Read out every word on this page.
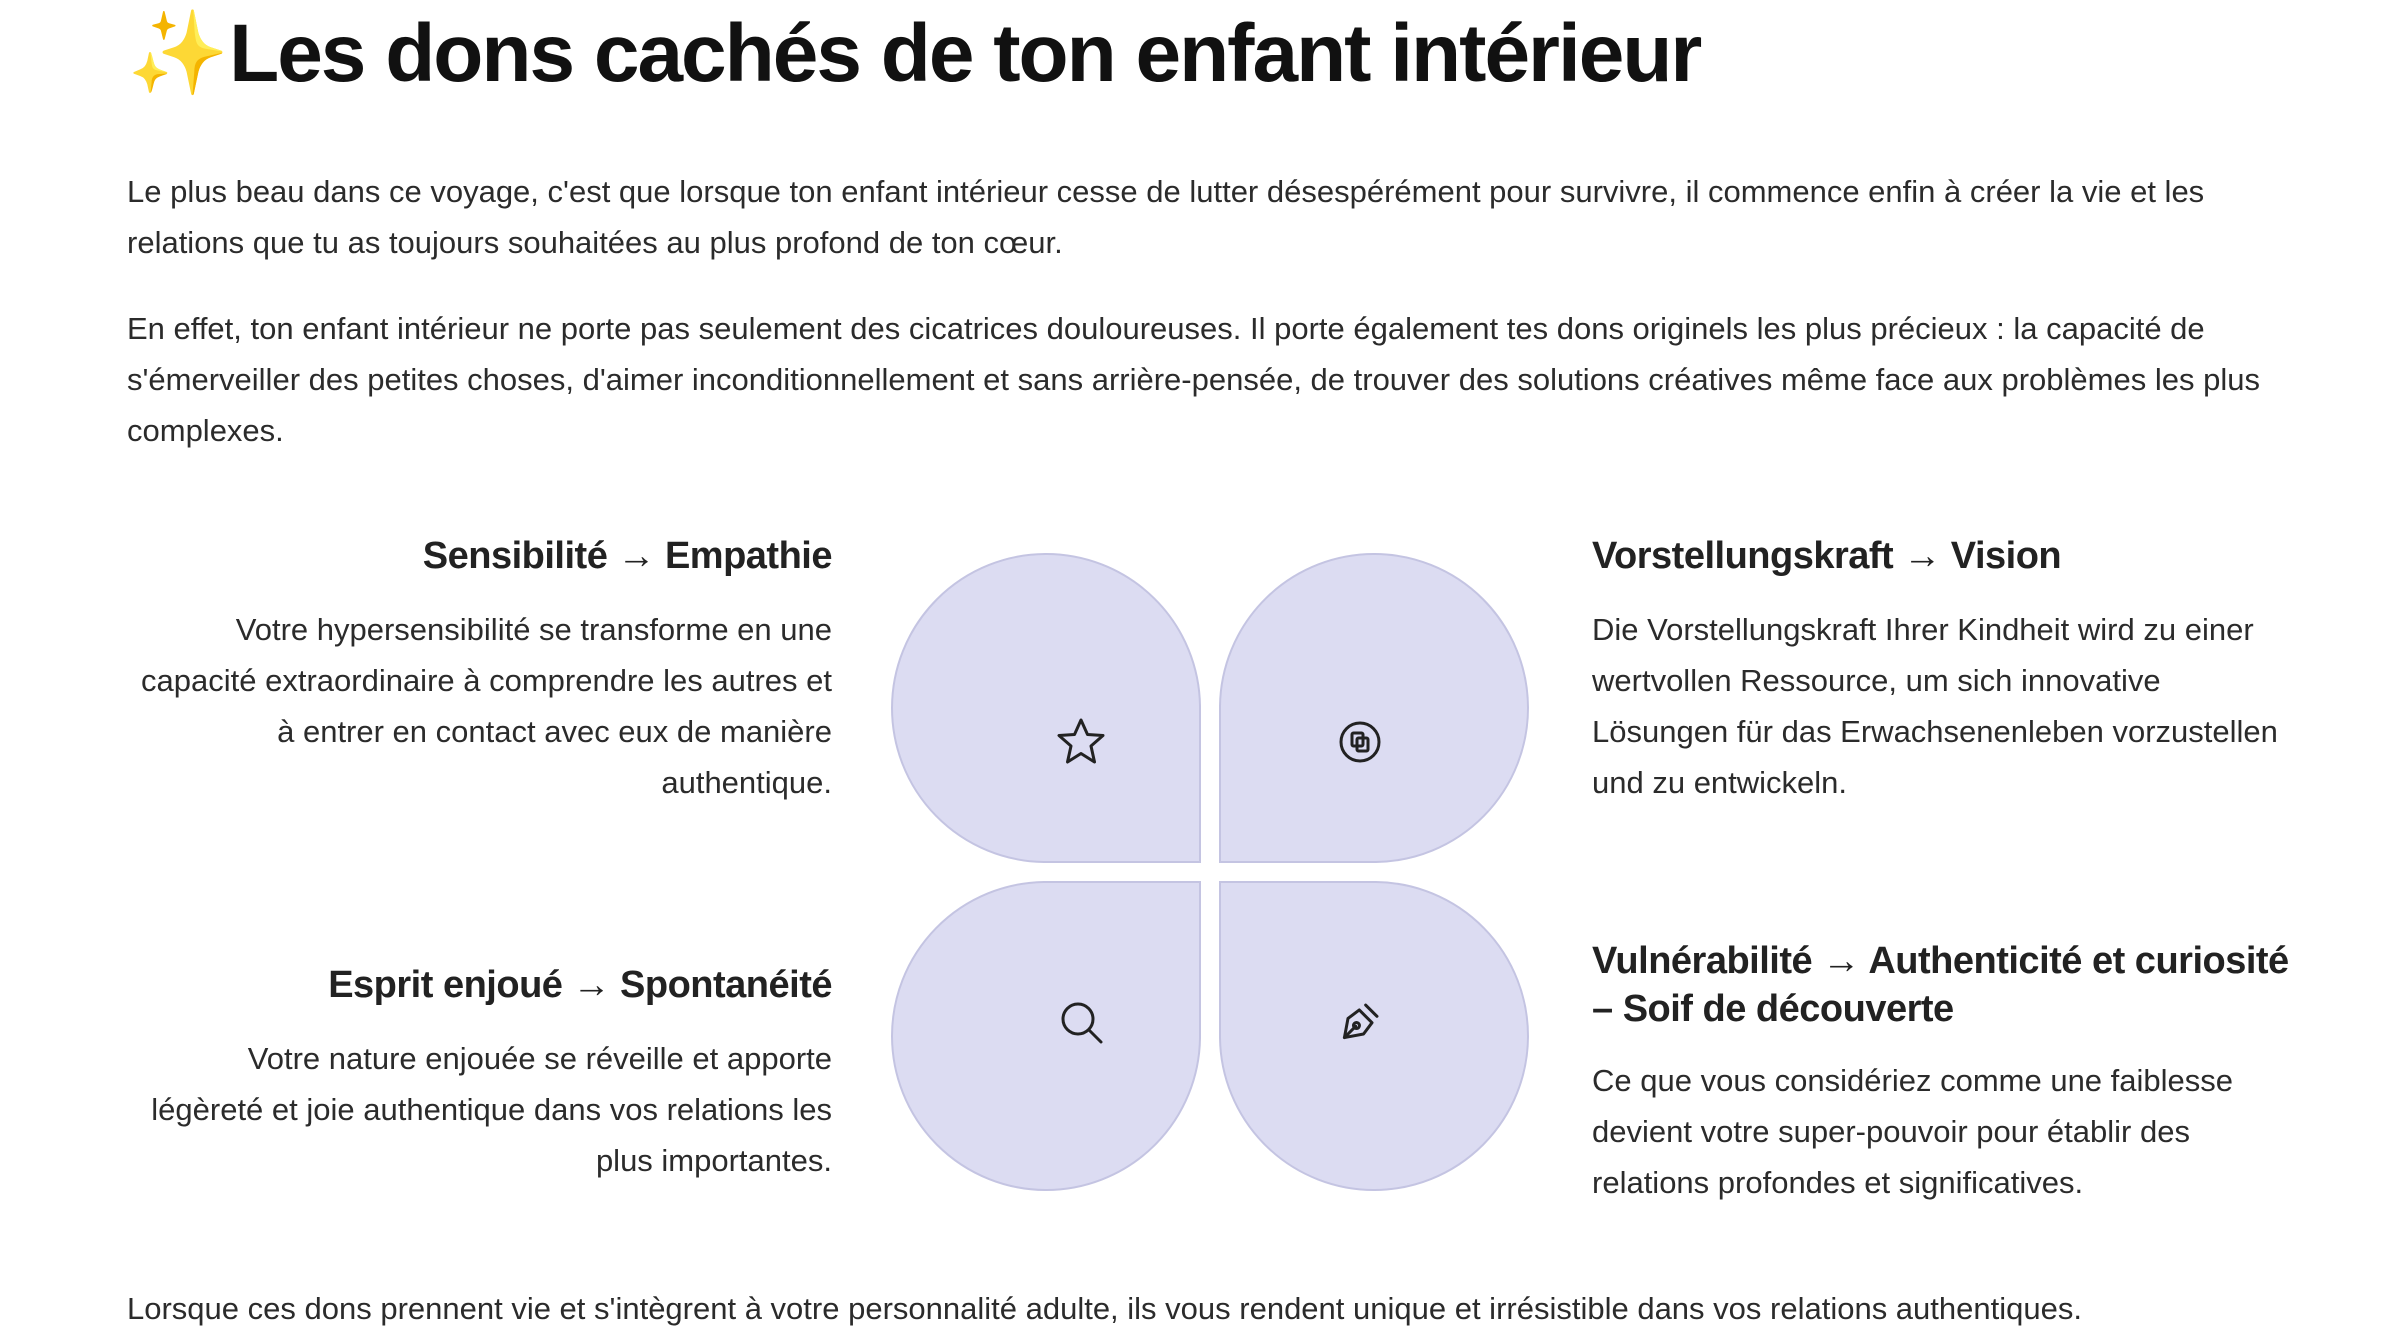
✨Les dons cachés de ton enfant intérieur

Le plus beau dans ce voyage, c'est que lorsque ton enfant intérieur cesse de lutter désespérément pour survivre, il commence enfin à créer la vie et les relations que tu as toujours souhaitées au plus profond de ton cœur.

En effet, ton enfant intérieur ne porte pas seulement des cicatrices douloureuses. Il porte également tes dons originels les plus précieux : la capacité de s'émerveiller des petites choses, d'aimer inconditionnellement et sans arrière-pensée, de trouver des solutions créatives même face aux problèmes les plus complexes.

Sensibilité → Empathie

Votre hypersensibilité se transforme en une capacité extraordinaire à comprendre les autres et à entrer en contact avec eux de manière authentique.

Vorstellungskraft → Vision

Die Vorstellungskraft Ihrer Kindheit wird zu einer wertvollen Ressource, um sich innovative Lösungen für das Erwachsenenleben vorzustellen und zu entwickeln.

Esprit enjoué → Spontanéité

Votre nature enjouée se réveille et apporte légèreté et joie authentique dans vos relations les plus importantes.

Vulnérabilité → Authenticité et curiosité – Soif de découverte

Ce que vous considériez comme une faiblesse devient votre super-pouvoir pour établir des relations profondes et significatives.

Lorsque ces dons prennent vie et s'intègrent à votre personnalité adulte, ils vous rendent unique et irrésistible dans vos relations authentiques.
